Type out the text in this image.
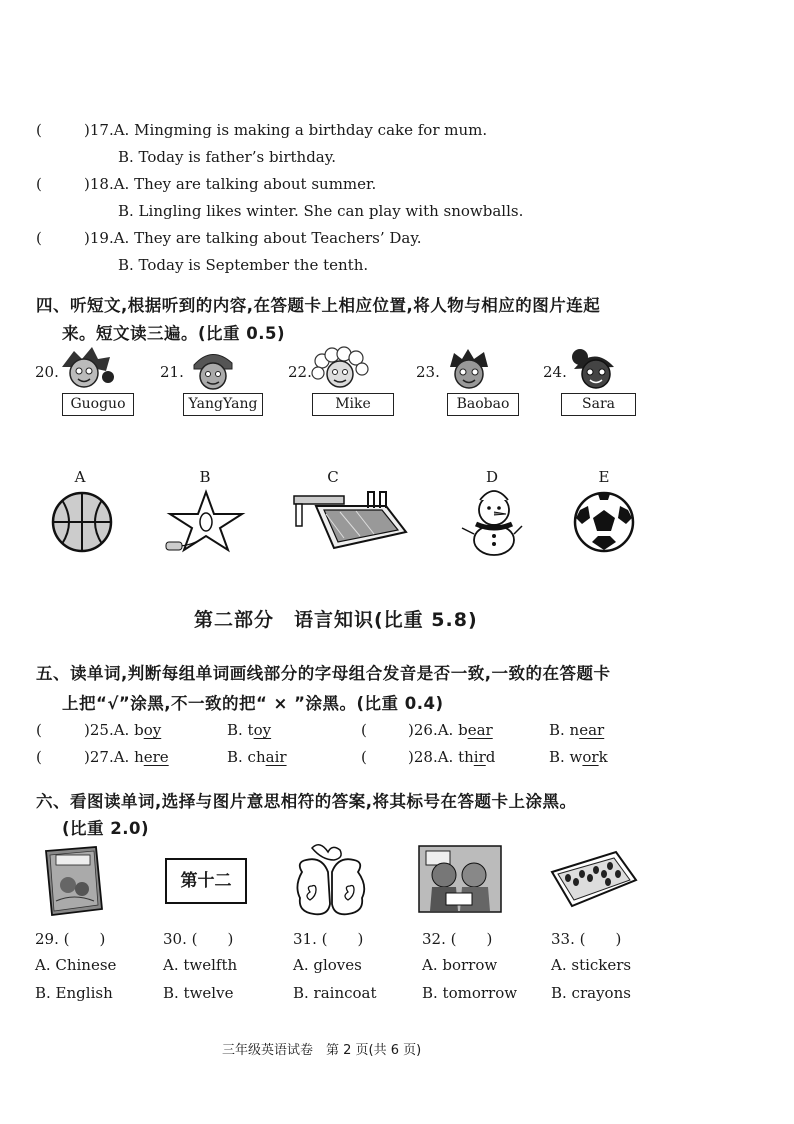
(	)17.A. Mingming is making a birthday cake for mum.
B. Today is father’s birthday.
(	)18.A. They are talking about summer.
B. Lingling likes winter. She can play with snowballs.
(	)19.A. They are talking about Teachers’ Day.
B. Today is September the tenth.
四、听短文,根据听到的内容,在答题卡上相应位置,将人物与相应的图片连起
来。短文读三遍。(比重 0.5)
20.
Guoguo
21.
YangYang
22.
Mike
23.
Baobao
24.
Sara
A	B	C	D	E
第二部分　语言知识(比重 5.8)
五、读单词,判断每组单词画线部分的字母组合发音是否一致,一致的在答题卡
上把“√”涂黑,不一致的把“ × ”涂黑。(比重 0.4)
(	)25.A. boy	B. toy	(	)26.A. bear	B. near
(	)27.A. here	B. chair	(	)28.A. third	B. work
六、看图读单词,选择与图片意思相符的答案,将其标号在答题卡上涂黑。
(比重 2.0)
第十二
29. (　　)
A. Chinese
B. English
30. (　　)
A. twelfth
B. twelve
31. (　　)
A. gloves
B. raincoat
32. (　　)
A. borrow
B. tomorrow
33. (　　)
A. stickers
B. crayons
三年级英语试卷　第 2 页(共 6 页)
